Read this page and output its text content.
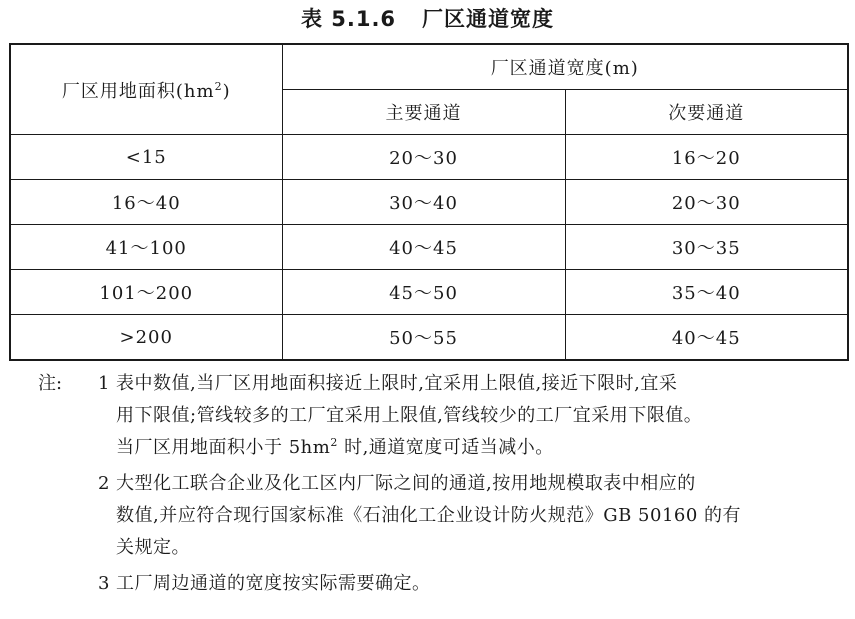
表 5.1.6 厂区通道宽度
厂区用地面积$(hm^2)$	厂区通道宽度(m)	
	主要通道	次要通道
<15	20～30	16～20
16～40	30～40	20～30
41～100	40～45	30～35
101～200	45～50	35～40
>200	50～55	40～45
注: 1 表中数值,当厂区用地面积接近上限时,宜采用上限值,接近下限时,宜采
用下限值;管线较多的工厂宜采用上限值,管线较少的工厂宜采用下限值。
当厂区用地面积小于 $5hm^2$ 时,通道宽度可适当减小。
2 大型化工联合企业及化工区内厂际之间的通道,按用地规模取表中相应的
数值,并应符合现行国家标准《石油化工企业设计防火规范》GB 50160 的有
关规定。
3 工厂周边通道的宽度按实际需要确定。
